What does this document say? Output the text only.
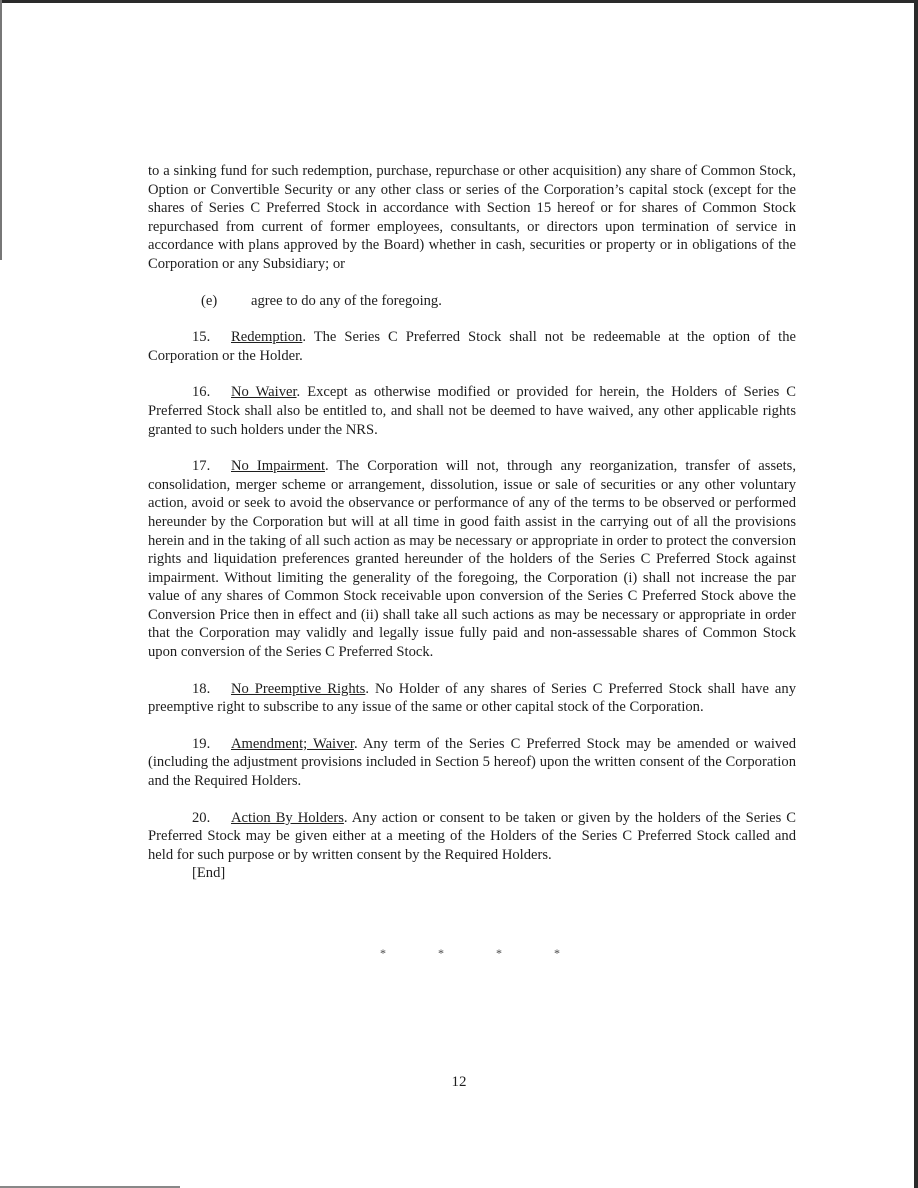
to a sinking fund for such redemption, purchase, repurchase or other acquisition) any share of Common Stock, Option or Convertible Security or any other class or series of the Corporation’s capital stock (except for the shares of Series C Preferred Stock in accordance with Section 15 hereof or for shares of Common Stock repurchased from current of former employees, consultants, or directors upon termination of service in accordance with plans approved by the Board) whether in cash, securities or property or in obligations of the Corporation or any Subsidiary; or

(e) agree to do any of the foregoing.

15. Redemption. The Series C Preferred Stock shall not be redeemable at the option of the Corporation or the Holder.

16. No Waiver. Except as otherwise modified or provided for herein, the Holders of Series C Preferred Stock shall also be entitled to, and shall not be deemed to have waived, any other applicable rights granted to such holders under the NRS.

17. No Impairment. The Corporation will not, through any reorganization, transfer of assets, consolidation, merger scheme or arrangement, dissolution, issue or sale of securities or any other voluntary action, avoid or seek to avoid the observance or performance of any of the terms to be observed or performed hereunder by the Corporation but will at all time in good faith assist in the carrying out of all the provisions herein and in the taking of all such action as may be necessary or appropriate in order to protect the conversion rights and liquidation preferences granted hereunder of the holders of the Series C Preferred Stock against impairment. Without limiting the generality of the foregoing, the Corporation (i) shall not increase the par value of any shares of Common Stock receivable upon conversion of the Series C Preferred Stock above the Conversion Price then in effect and (ii) shall take all such actions as may be necessary or appropriate in order that the Corporation may validly and legally issue fully paid and non-assessable shares of Common Stock upon conversion of the Series C Preferred Stock.

18. No Preemptive Rights. No Holder of any shares of Series C Preferred Stock shall have any preemptive right to subscribe to any issue of the same or other capital stock of the Corporation.

19. Amendment; Waiver. Any term of the Series C Preferred Stock may be amended or waived (including the adjustment provisions included in Section 5 hereof) upon the written consent of the Corporation and the Required Holders.

20. Action By Holders. Any action or consent to be taken or given by the holders of the Series C Preferred Stock may be given either at a meeting of the Holders of the Series C Preferred Stock called and held for such purpose or by written consent by the Required Holders.
[End]

*	*	*	*
12
